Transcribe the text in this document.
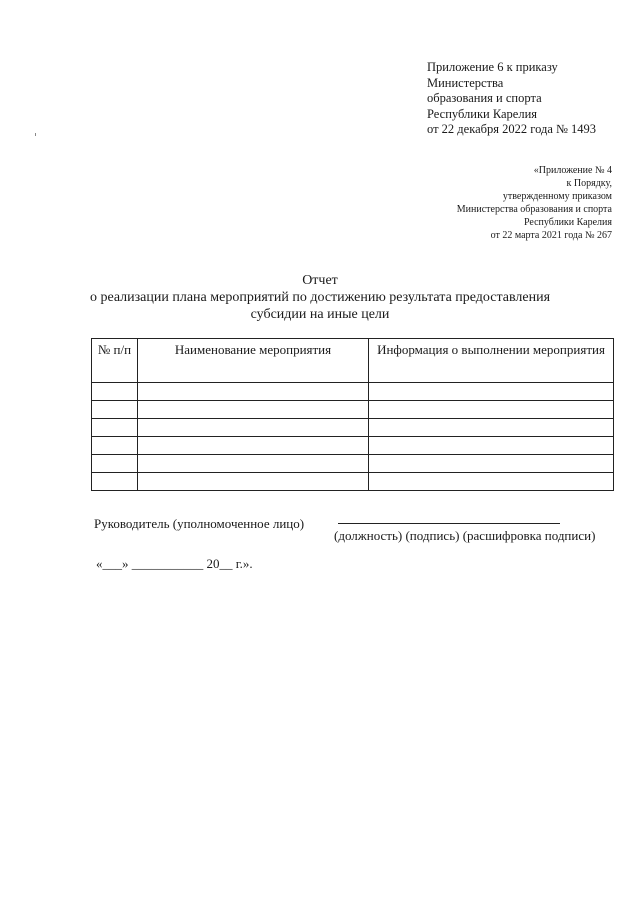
Приложение 6 к приказу
Министерства
образования и спорта
Республики Карелия
от 22 декабря 2022 года № 1493
«Приложение № 4
к Порядку,
утвержденному приказом
Министерства образования и спорта
Республики Карелия
от 22 марта 2021 года № 267
Отчет
о реализации плана мероприятий по достижению результата предоставления
субсидии на иные цели
№ п/п	Наименование мероприятия	Информация о выполнении мероприятия

Руководитель (уполномоченное лицо)
(должность) (подпись) (расшифровка подписи)
«___» ___________ 20__ г.».
